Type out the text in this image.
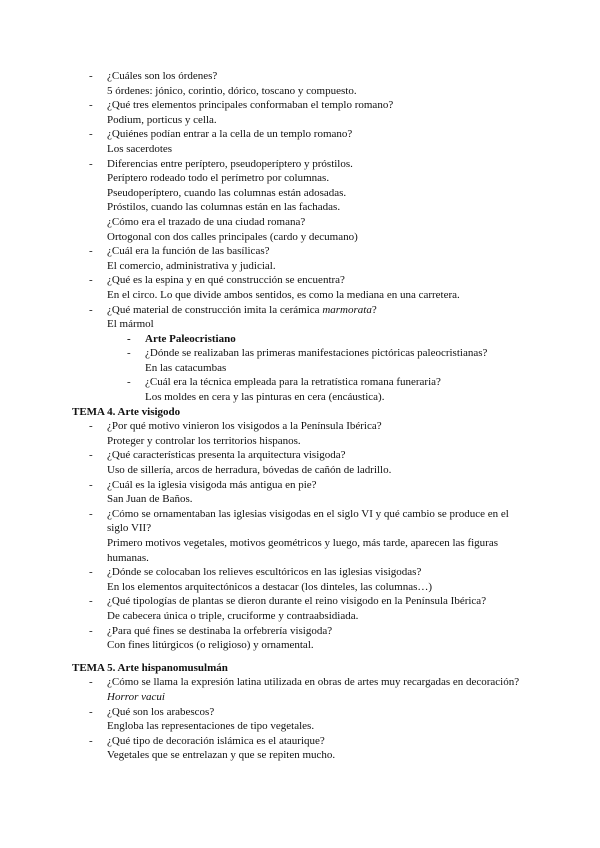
- ¿Cuáles son los órdenes?
5 órdenes: jónico, corintio, dórico, toscano y compuesto.
- ¿Qué tres elementos principales conformaban el templo romano?
Podium, porticus y cella.
- ¿Quiénes podían entrar a la cella de un templo romano?
Los sacerdotes
- Diferencias entre períptero, pseudoperíptero y próstilos.
Períptero rodeado todo el perímetro por columnas.
Pseudoperíptero, cuando las columnas están adosadas.
Próstilos, cuando las columnas están en las fachadas.
¿Cómo era el trazado de una ciudad romana?
Ortogonal con dos calles principales (cardo y decumano)
- ¿Cuál era la función de las basílicas?
El comercio, administrativa y judicial.
- ¿Qué es la espina y en qué construcción se encuentra?
En el circo. Lo que divide ambos sentidos, es como la mediana en una carretera.
- ¿Qué material de construcción imita la cerámica marmorata?
El mármol
- Arte Paleocristiano
- ¿Dónde se realizaban las primeras manifestaciones pictóricas paleocristianas?
En las catacumbas
- ¿Cuál era la técnica empleada para la retratística romana funeraria?
Los moldes en cera y las pinturas en cera (encáustica).
TEMA 4. Arte visigodo
- ¿Por qué motivo vinieron los visigodos a la Península Ibérica?
Proteger y controlar los territorios hispanos.
- ¿Qué características presenta la arquitectura visigoda?
Uso de sillería, arcos de herradura, bóvedas de cañón de ladrillo.
- ¿Cuál es la iglesia visigoda más antigua en pie?
San Juan de Baños.
- ¿Cómo se ornamentaban las iglesias visigodas en el siglo VI y qué cambio se produce en el
siglo VII?
Primero motivos vegetales, motivos geométricos y luego, más tarde, aparecen las figuras
humanas.
- ¿Dónde se colocaban los relieves escultóricos en las iglesias visigodas?
En los elementos arquitectónicos a destacar (los dinteles, las columnas…)
- ¿Qué tipologías de plantas se dieron durante el reino visigodo en la Península Ibérica?
De cabecera única o triple, cruciforme y contraabsidiada.
- ¿Para qué fines se destinaba la orfebrería visigoda?
Con fines litúrgicos (o religioso) y ornamental.
TEMA 5. Arte hispanomusulmán
- ¿Cómo se llama la expresión latina utilizada en obras de artes muy recargadas en decoración?
Horror vacui
- ¿Qué son los arabescos?
Engloba las representaciones de tipo vegetales.
- ¿Qué tipo de decoración islámica es el ataurique?
Vegetales que se entrelazan y que se repiten mucho.
